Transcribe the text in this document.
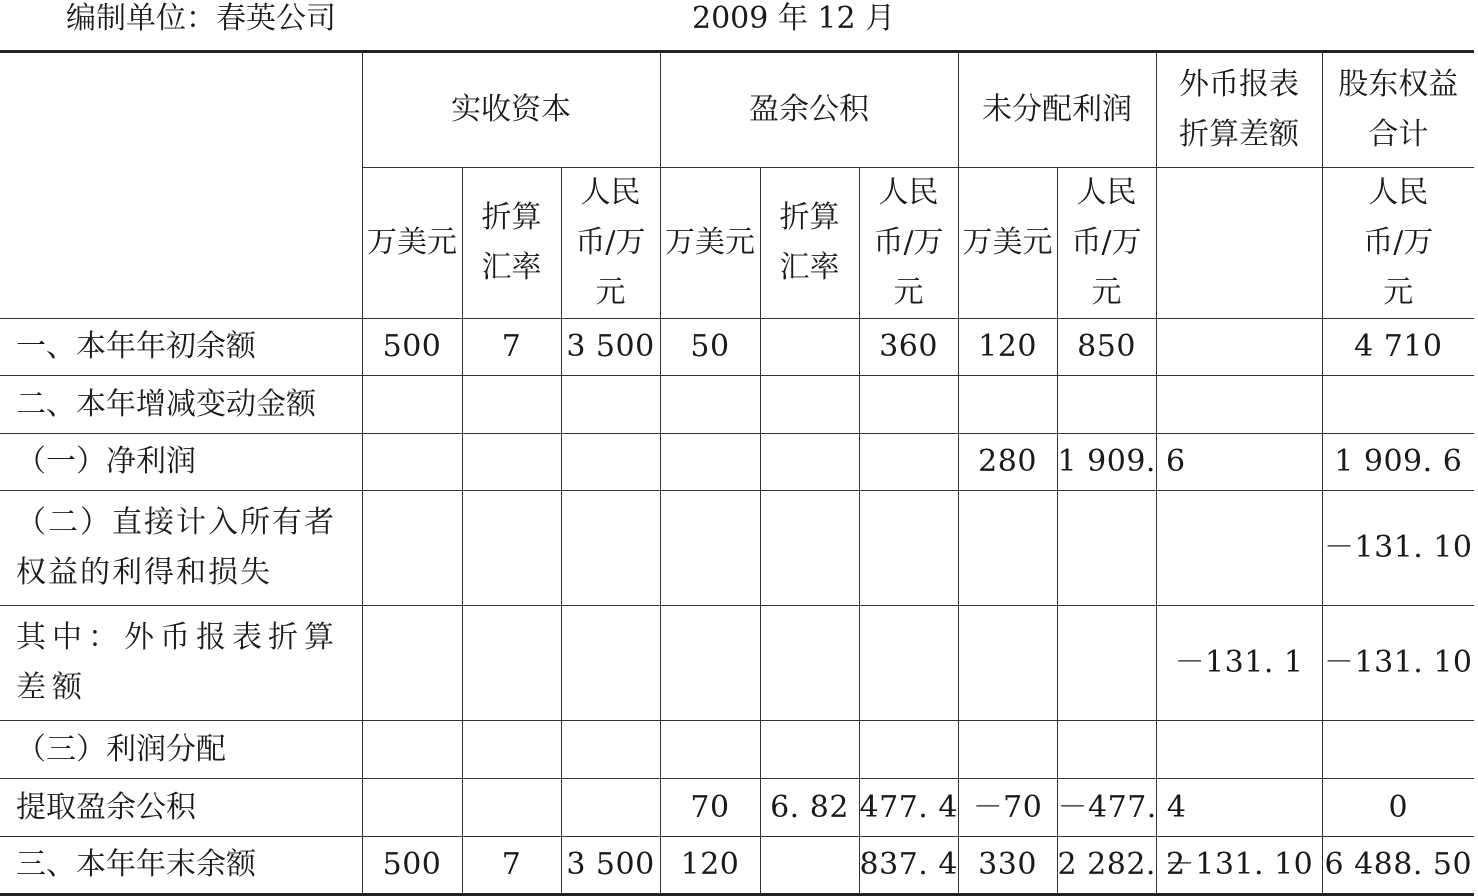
编制单位：春英公司	2009 年 12 月
	实收资本			盈余公积			未分配利润		外币报表折算差额	股东权益合计

	万美元	折算汇率	人民币/万元	万美元	折算汇率	人民币/万元	万美元	人民币/万元		人民币/万元

一、本年年初余额	500	7	3 500	50		360	120	850		4 710
二、本年增减变动金额										
（一）净利润							280	1 909. 6		1 909. 6

（二）直接计入所有者权益的利得和损失										－131. 10

其中：外币报表折算差额									－131. 1	－131. 10
（三）利润分配										
提取盈余公积				70	6. 82	477. 4	－70	－477. 4		0
三、本年年末余额	500	7	3 500	120		837. 4	330	2 282. 2	－131. 10	6 488. 50
